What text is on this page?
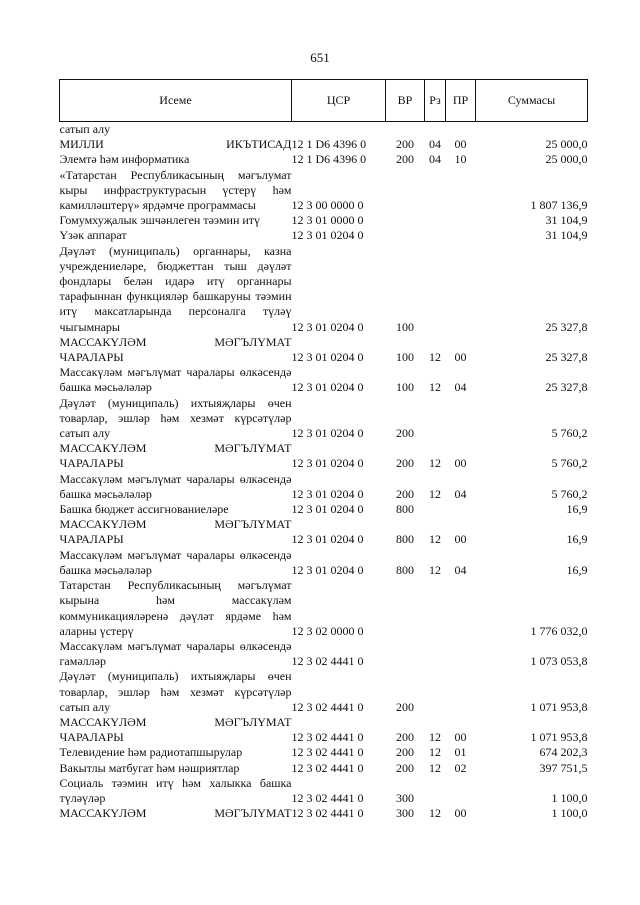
651
Исеме	ЦСР	ВР	Рз	ПР	Суммасы
сатып алу					
МИЛЛИ ИКЪТИСАД	12 1 D6 4396 0	200	04	00	25 000,0
Элемтә һәм информатика	12 1 D6 4396 0	200	04	10	25 000,0
«Татарстан Республикасының мәгълумат кыры инфраструктурасын үстерү һәм камилләштерү» ярдәмче программасы	12 3 00 0000 0				1 807 136,9
Гомумхуҗалык эшчәнлеген тәэмин итү	12 3 01 0000 0				31 104,9
Үзәк аппарат	12 3 01 0204 0				31 104,9
Дәүләт (муниципаль) органнары, казна учреждениеләре, бюджеттан тыш дәүләт фондлары белән идарә итү органнары тарафыннан функцияләр башкаруны тәэмин итү максатларында персоналга түләү чыгымнары	12 3 01 0204 0	100			25 327,8
МАССАКҮЛӘМ МӘГЪЛҮМАТ ЧАРАЛАРЫ	12 3 01 0204 0	100	12	00	25 327,8
Массакүләм мәгълүмат чаралары өлкәсендә башка мәсьәләләр	12 3 01 0204 0	100	12	04	25 327,8
Дәүләт (муниципаль) ихтыяҗлары өчен товарлар, эшләр һәм хезмәт күрсәтүләр сатып алу	12 3 01 0204 0	200			5 760,2
МАССАКҮЛӘМ МӘГЪЛҮМАТ ЧАРАЛАРЫ	12 3 01 0204 0	200	12	00	5 760,2
Массакүләм мәгълүмат чаралары өлкәсендә башка мәсьәләләр	12 3 01 0204 0	200	12	04	5 760,2
Башка бюджет ассигнованиеләре	12 3 01 0204 0	800			16,9
МАССАКҮЛӘМ МӘГЪЛҮМАТ ЧАРАЛАРЫ	12 3 01 0204 0	800	12	00	16,9
Массакүләм мәгълүмат чаралары өлкәсендә башка мәсьәләләр	12 3 01 0204 0	800	12	04	16,9
Татарстан Республикасының мәгълүмат кырына һәм массакүләм коммуникацияләренә дәүләт ярдәме һәм аларны үстерү	12 3 02 0000 0				1 776 032,0
Массакүләм мәгълүмат чаралары өлкәсендә гамәлләр	12 3 02 4441 0				1 073 053,8
Дәүләт (муниципаль) ихтыяҗлары өчен товарлар, эшләр һәм хезмәт күрсәтүләр сатып алу	12 3 02 4441 0	200			1 071 953,8
МАССАКҮЛӘМ МӘГЪЛҮМАТ ЧАРАЛАРЫ	12 3 02 4441 0	200	12	00	1 071 953,8
Телевидение һәм радиотапшырулар	12 3 02 4441 0	200	12	01	674 202,3
Вакытлы матбугат һәм нәшриятлар	12 3 02 4441 0	200	12	02	397 751,5
Социаль тәэмин итү һәм халыкка башка түләүләр	12 3 02 4441 0	300			1 100,0
МАССАКҮЛӘМ МӘГЪЛҮМАТ	12 3 02 4441 0	300	12	00	1 100,0
